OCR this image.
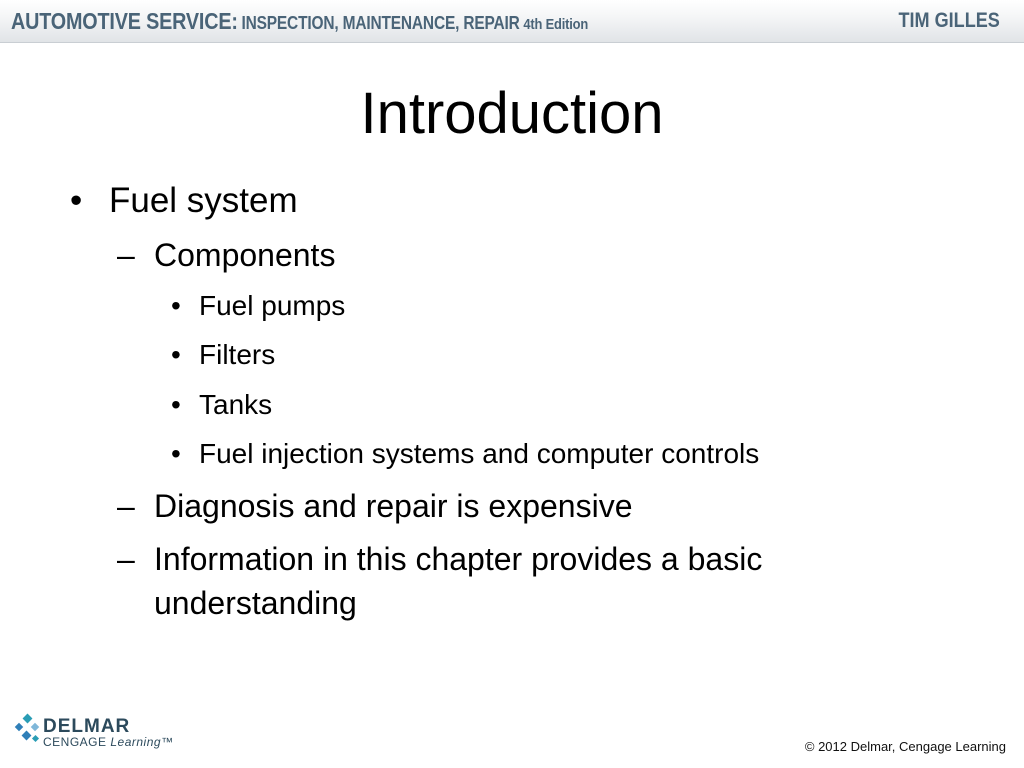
AUTOMOTIVE SERVICE: INSPECTION, MAINTENANCE, REPAIR 4th Edition	TIM GILLES
Introduction
• Fuel system
– Components
• Fuel pumps
• Filters
• Tanks
• Fuel injection systems and computer controls
– Diagnosis and repair is expensive
– Information in this chapter provides a basic
understanding
DELMAR
CENGAGE Learning™	© 2012 Delmar, Cengage Learning
